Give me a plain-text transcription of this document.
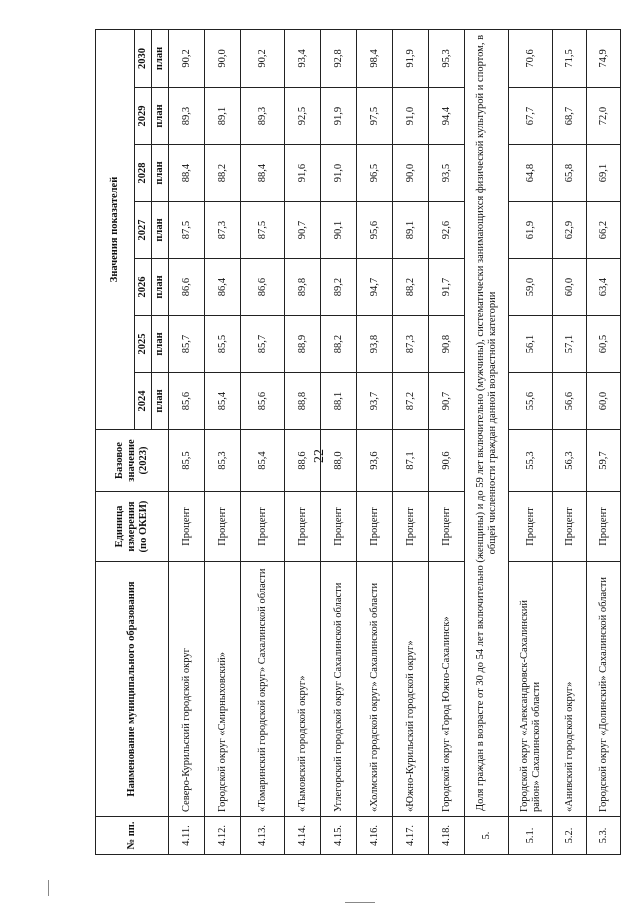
22
№ пп.	Наименование муниципального образования	Единица измерения (по ОКЕИ)	Базовое значение (2023)	Значения показателей						
				2024	2025	2026	2027	2028	2029	2030
				план	план	план	план	план	план	план
4.11.	Северо-Курильский городской округ	Процент	85,5	85,6	85,7	86,6	87,5	88,4	89,3	90,2
4.12.	Городской округ «Смирныховский»	Процент	85,3	85,4	85,5	86,4	87,3	88,2	89,1	90,0
4.13.	«Томаринский городской округ» Сахалинской области	Процент	85,4	85,6	85,7	86,6	87,5	88,4	89,3	90,2
4.14.	«Тымовский городской округ»	Процент	88,6	88,8	88,9	89,8	90,7	91,6	92,5	93,4
4.15.	Углегорский городской округ Сахалинской области	Процент	88,0	88,1	88,2	89,2	90,1	91,0	91,9	92,8
4.16.	«Холмский городской округ» Сахалинской области	Процент	93,6	93,7	93,8	94,7	95,6	96,5	97,5	98,4
4.17.	«Южно-Курильский городской округ»	Процент	87,1	87,2	87,3	88,2	89,1	90,0	91,0	91,9
4.18.	Городской округ «Город Южно-Сахалинск»	Процент	90,6	90,7	90,8	91,7	92,6	93,5	94,4	95,3
5.	Доля граждан в возрасте от 30 до 54 лет включительно (женщины) и до 59 лет включительно (мужчины), систематически занимающихся физической культурой и спортом, в общей численности граждан данной возрастной категории									
5.1.	Городской округ «Александровск-Сахалинский район» Сахалинской области	Процент	55,3	55,6	56,1	59,0	61,9	64,8	67,7	70,6
5.2.	«Анивский городской округ»	Процент	56,3	56,6	57,1	60,0	62,9	65,8	68,7	71,5
5.3.	Городской округ «Долинский» Сахалинской области	Процент	59,7	60,0	60,5	63,4	66,2	69,1	72,0	74,9
